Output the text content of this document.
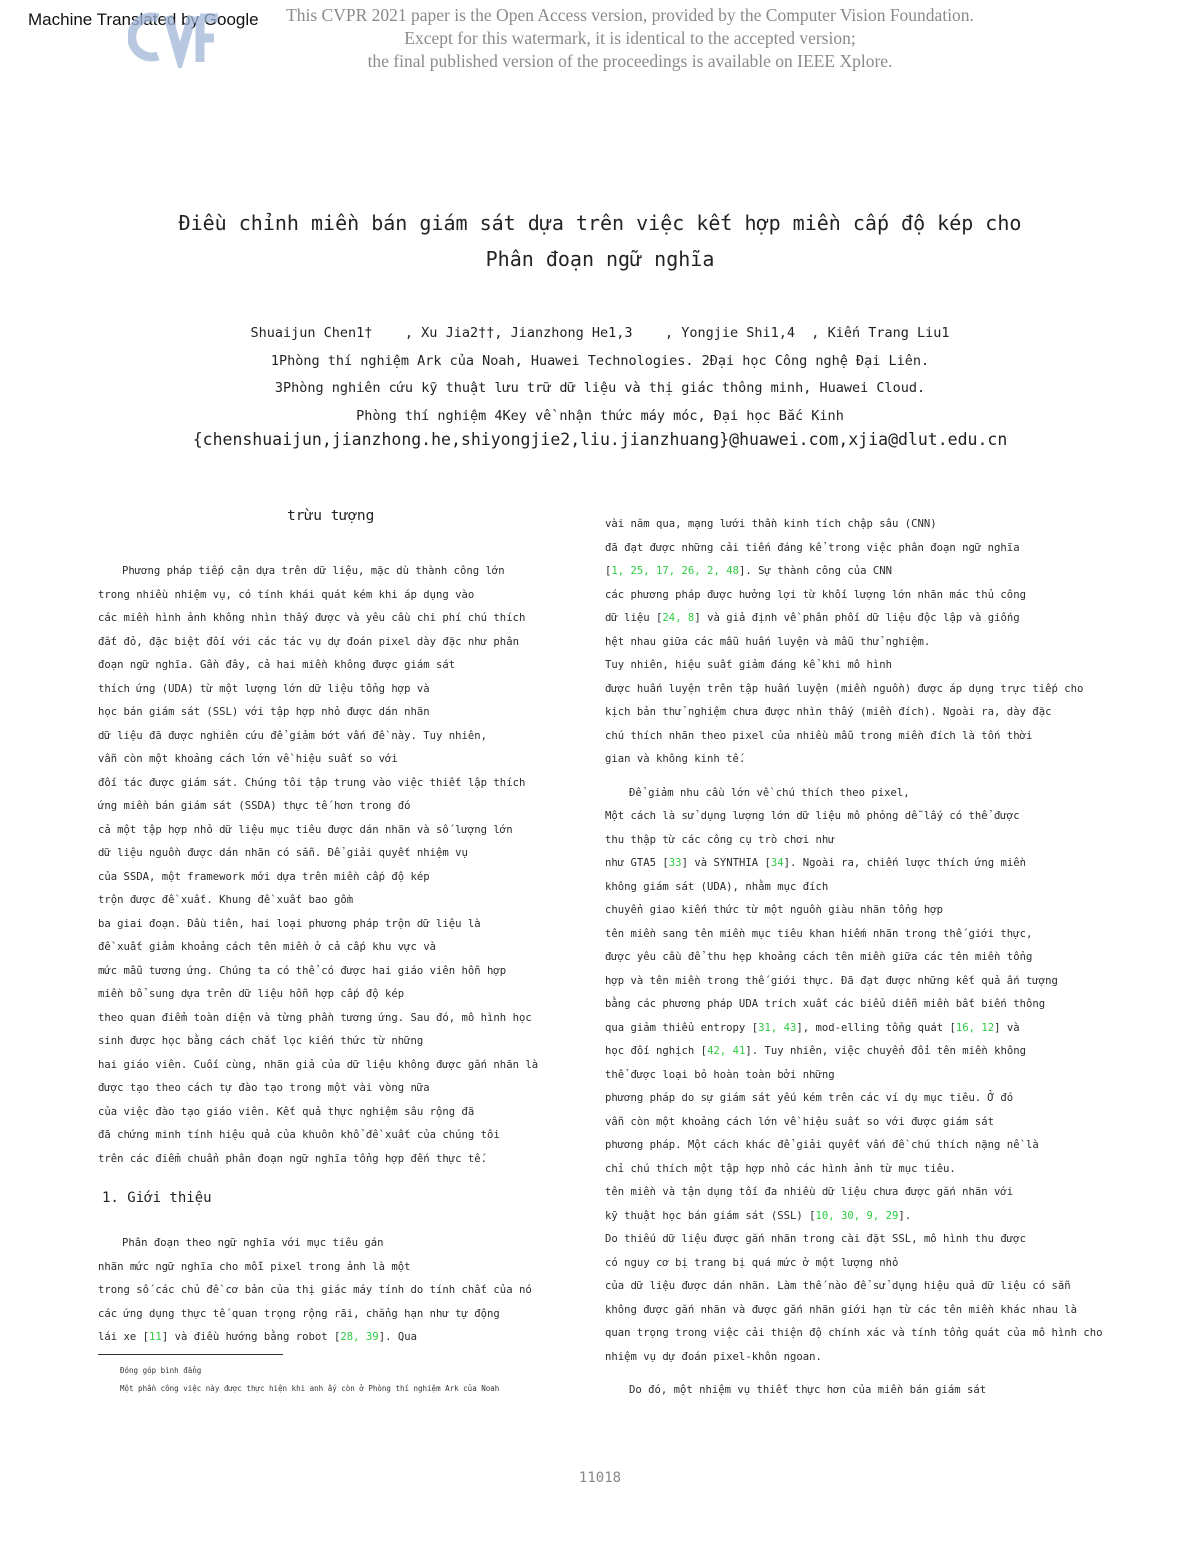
Machine Translated by Google	This CVPR 2021 paper is the Open Access version, provided by the Computer Vision Foundation.
Except for this watermark, it is identical to the accepted version;
the final published version of the proceedings is available on IEEE Xplore.
Điều chỉnh miền bán giám sát dựa trên việc kết hợp miền cấp độ kép cho
Phân đoạn ngữ nghĩa
Shuaijun Chen1†    , Xu Jia2††, Jianzhong He1,3    , Yongjie Shi1,4  , Kiến Trang Liu1
1Phòng thí nghiệm Ark của Noah, Huawei Technologies. 2Đại học Công nghệ Đại Liên.
3Phòng nghiên cứu kỹ thuật lưu trữ dữ liệu và thị giác thông minh, Huawei Cloud.
Phòng thí nghiệm 4Key về nhận thức máy móc, Đại học Bắc Kinh
{chenshuaijun,jianzhong.he,shiyongjie2,liu.jianzhuang}@huawei.com,xjia@dlut.edu.cn
trừu tượng
Phương pháp tiếp cận dựa trên dữ liệu, mặc dù thành công lớn
trong nhiều nhiệm vụ, có tính khái quát kém khi áp dụng vào
các miền hình ảnh không nhìn thấy được và yêu cầu chi phí chú thích
đắt đỏ, đặc biệt đối với các tác vụ dự đoán pixel dày đặc như phân
đoạn ngữ nghĩa. Gần đây, cả hai miền không được giám sát
thích ứng (UDA) từ một lượng lớn dữ liệu tổng hợp và
học bán giám sát (SSL) với tập hợp nhỏ được dán nhãn
dữ liệu đã được nghiên cứu để giảm bớt vấn đề này. Tuy nhiên,
vẫn còn một khoảng cách lớn về hiệu suất so với
đối tác được giám sát. Chúng tôi tập trung vào việc thiết lập thích
ứng miền bán giám sát (SSDA) thực tế hơn trong đó
cả một tập hợp nhỏ dữ liệu mục tiêu được dán nhãn và số lượng lớn
dữ liệu nguồn được dán nhãn có sẵn. Để giải quyết nhiệm vụ
của SSDA, một framework mới dựa trên miền cấp độ kép
trộn được đề xuất. Khung đề xuất bao gồm
ba giai đoạn. Đầu tiên, hai loại phương pháp trộn dữ liệu là
đề xuất giảm khoảng cách tên miền ở cả cấp khu vực và
mức mẫu tương ứng. Chúng ta có thể có được hai giáo viên hỗn hợp
miền bổ sung dựa trên dữ liệu hỗn hợp cấp độ kép
theo quan điểm toàn diện và từng phần tương ứng. Sau đó, mô hình học
sinh được học bằng cách chắt lọc kiến thức từ những
hai giáo viên. Cuối cùng, nhãn giả của dữ liệu không được gắn nhãn là
được tạo theo cách tự đào tạo trong một vài vòng nữa
của việc đào tạo giáo viên. Kết quả thực nghiệm sâu rộng đã
đã chứng minh tính hiệu quả của khuôn khổ đề xuất của chúng tôi
trên các điểm chuẩn phân đoạn ngữ nghĩa tổng hợp đến thực tế.
1. Giới thiệu
Phân đoạn theo ngữ nghĩa với mục tiêu gán
nhãn mức ngữ nghĩa cho mỗi pixel trong ảnh là một
trong số các chủ đề cơ bản của thị giác máy tính do tính chất của nó
các ứng dụng thực tế quan trọng rộng rãi, chẳng hạn như tự động
lái xe [11] và điều hướng bằng robot [28, 39]. Qua
Đóng góp bình đẳng
Một phần công việc này được thực hiện khi anh ấy còn ở Phòng thí nghiệm Ark của Noah
vài năm qua, mạng lưới thần kinh tích chập sâu (CNN)
đã đạt được những cải tiến đáng kể trong việc phân đoạn ngữ nghĩa
[1, 25, 17, 26, 2, 48]. Sự thành công của CNN
các phương pháp được hưởng lợi từ khối lượng lớn nhãn mác thủ công
dữ liệu [24, 8] và giả định về phân phối dữ liệu độc lập và giống
hệt nhau giữa các mẫu huấn luyện và mẫu thử nghiệm.
Tuy nhiên, hiệu suất giảm đáng kể khi mô hình
được huấn luyện trên tập huấn luyện (miền nguồn) được áp dụng trực tiếp cho
kịch bản thử nghiệm chưa được nhìn thấy (miền đích). Ngoài ra, dày đặc
chú thích nhãn theo pixel của nhiều mẫu trong miền đích là tốn thời
gian và không kinh tế.
Để giảm nhu cầu lớn về chú thích theo pixel,
Một cách là sử dụng lượng lớn dữ liệu mô phỏng dễ lấy có thể được
thu thập từ các công cụ trò chơi như
như GTA5 [33] và SYNTHIA [34]. Ngoài ra, chiến lược thích ứng miền
không giám sát (UDA), nhằm mục đích
chuyển giao kiến thức từ một nguồn giàu nhãn tổng hợp
tên miền sang tên miền mục tiêu khan hiếm nhãn trong thế giới thực,
được yêu cầu để thu hẹp khoảng cách tên miền giữa các tên miền tổng
hợp và tên miền trong thế giới thực. Đã đạt được những kết quả ấn tượng
bằng các phương pháp UDA trích xuất các biểu diễn miền bất biến thông
qua giảm thiểu entropy [31, 43], mod-elling tổng quát [16, 12] và
học đối nghịch [42, 41]. Tuy nhiên, việc chuyển đổi tên miền không
thể được loại bỏ hoàn toàn bởi những
phương pháp do sự giám sát yếu kém trên các ví dụ mục tiêu. Ở đó
vẫn còn một khoảng cách lớn về hiệu suất so với được giám sát
phương pháp. Một cách khác để giải quyết vấn đề chú thích nặng nề là
chỉ chú thích một tập hợp nhỏ các hình ảnh từ mục tiêu.
tên miền và tận dụng tối đa nhiều dữ liệu chưa được gắn nhãn với
kỹ thuật học bán giám sát (SSL) [10, 30, 9, 29].
Do thiếu dữ liệu được gắn nhãn trong cài đặt SSL, mô hình thu được
có nguy cơ bị trang bị quá mức ở một lượng nhỏ
của dữ liệu được dán nhãn. Làm thế nào để sử dụng hiệu quả dữ liệu có sẵn
không được gắn nhãn và được gắn nhãn giới hạn từ các tên miền khác nhau là
quan trọng trong việc cải thiện độ chính xác và tính tổng quát của mô hình cho
nhiệm vụ dự đoán pixel-khôn ngoan.
Do đó, một nhiệm vụ thiết thực hơn của miền bán giám sát
11018
